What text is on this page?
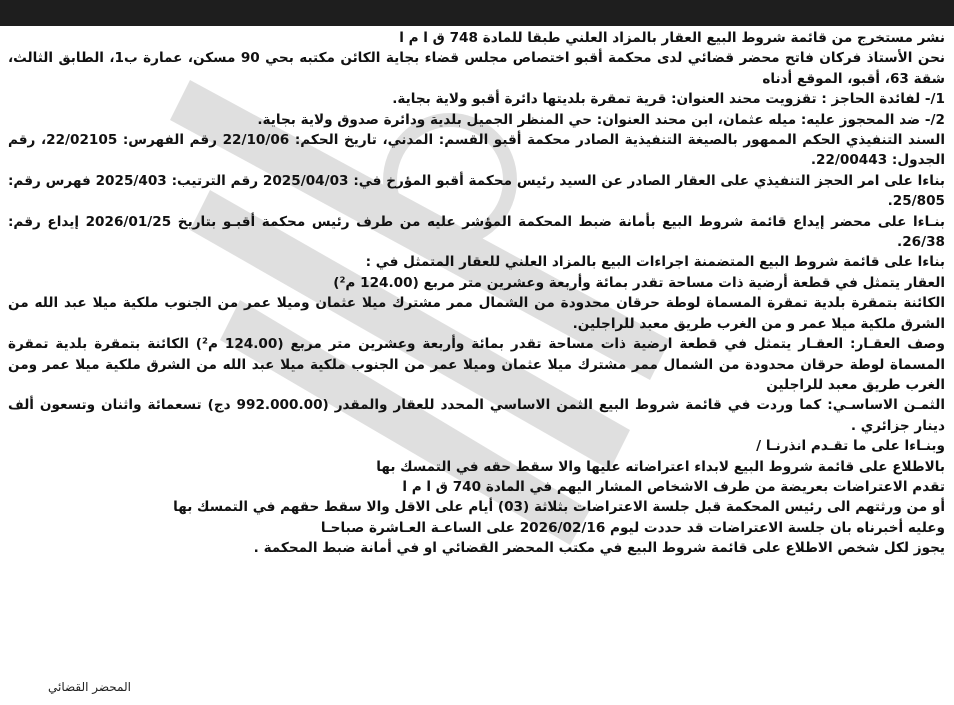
نشر مستخرج من قائمة شروط البيع العقار بالمزاد العلني طبقا للمادة 748 ق ا م ا

نحن الأستاذ فركان فاتح محضر قضائي لدى محكمة أقبو اختصاص مجلس قضاء بجاية الكائن مكتبه بحي 90 مسكن، عمارة ب1، الطابق الثالث، شقة 63، أقبو، الموقع أدناه

1/- لفائدة الحاجز : تقزويت محند العنوان: قرية تمقرة بلديتها دائرة أقبو ولاية بجاية.

2/- ضد المحجوز عليه: ميله عثمان، ابن محند العنوان: حي المنظر الجميل بلدية ودائرة صدوق ولاية بجاية.

السند التنفيذي الحكم الممهور بالصيغة التنفيذية الصادر محكمة أقبو القسم: المدني، تاريخ الحكم: 22/10/06 رقم الفهرس: 22/02105، رقم الجدول: 22/00443.

بناءا على امر الحجز التنفيذي على العقار الصادر عن السيد رئيس محكمة أقبو المؤرخ في: 2025/04/03 رقم الترتيب: 2025/403 فهرس رقم: 25/805.

بنـاءا على محضر إيداع قائمة شروط البيع بأمانة ضبط المحكمة المؤشر عليه من طرف رئيس محكمة أقبـو بتاريخ 2026/01/25 إيداع رقم: 26/38.

بناءا على قائمة شروط البيع المتضمنة اجراءات البيع بالمزاد العلني للعقار المتمثل في :

العقار يتمثل في قطعة أرضية ذات مساحة تقدر بمائة وأربعة وعشرين متر مربع (124.00 م²)

الكائنة بتمقرة بلدية تمقرة المسماة لوطة حرقان محدودة من الشمال ممر مشترك ميلا عثمان وميلا عمر من الجنوب ملكية ميلا عبد الله من الشرق ملكية ميلا عمر و من الغرب طريق معبد للراجلين.

وصف العقـار: العقـار يتمثل في قطعة ارضية ذات مساحة تقدر بمائة وأربعة وعشرين متر مربع (124.00 م²) الكائنة بتمقرة بلدية تمقرة المسماة لوطة حرقان محدودة من الشمال ممر مشترك ميلا عثمان وميلا عمر من الجنوب ملكية ميلا عبد الله من الشرق ملكية ميلا عمر ومن الغرب طريق معبد للراجلين

الثمـن الاساسـي: كما وردت في قائمة شروط البيع الثمن الاساسي المحدد للعقار والمقدر (992.000.00 دج) تسعمائة واثنان وتسعون ألف دينار جزائري .

وبنـاءا على ما تقـدم انذرنـا /

بالاطلاع على قائمة شروط البيع لابداء اعتراضاته عليها والا سقط حقه في التمسك بها

تقدم الاعتراضات بعريضة من طرف الاشخاص المشار اليهم في المادة 740 ق ا م ا

أو من ورثتهم الى رئيس المحكمة قبل جلسة الاعتراضات بثلاثة (03) أيام على الاقل والا سقط حقهم في التمسك بها

وعليه أخبرناه بان جلسة الاعتراضات قد حددت ليوم 2026/02/16 على الساعـة العـاشرة صباحـا

يجوز لكل شخص الاطلاع على قائمة شروط البيع في مكتب المحضر القضائي او في أمانة ضبط المحكمة .

المحضر القضائي
